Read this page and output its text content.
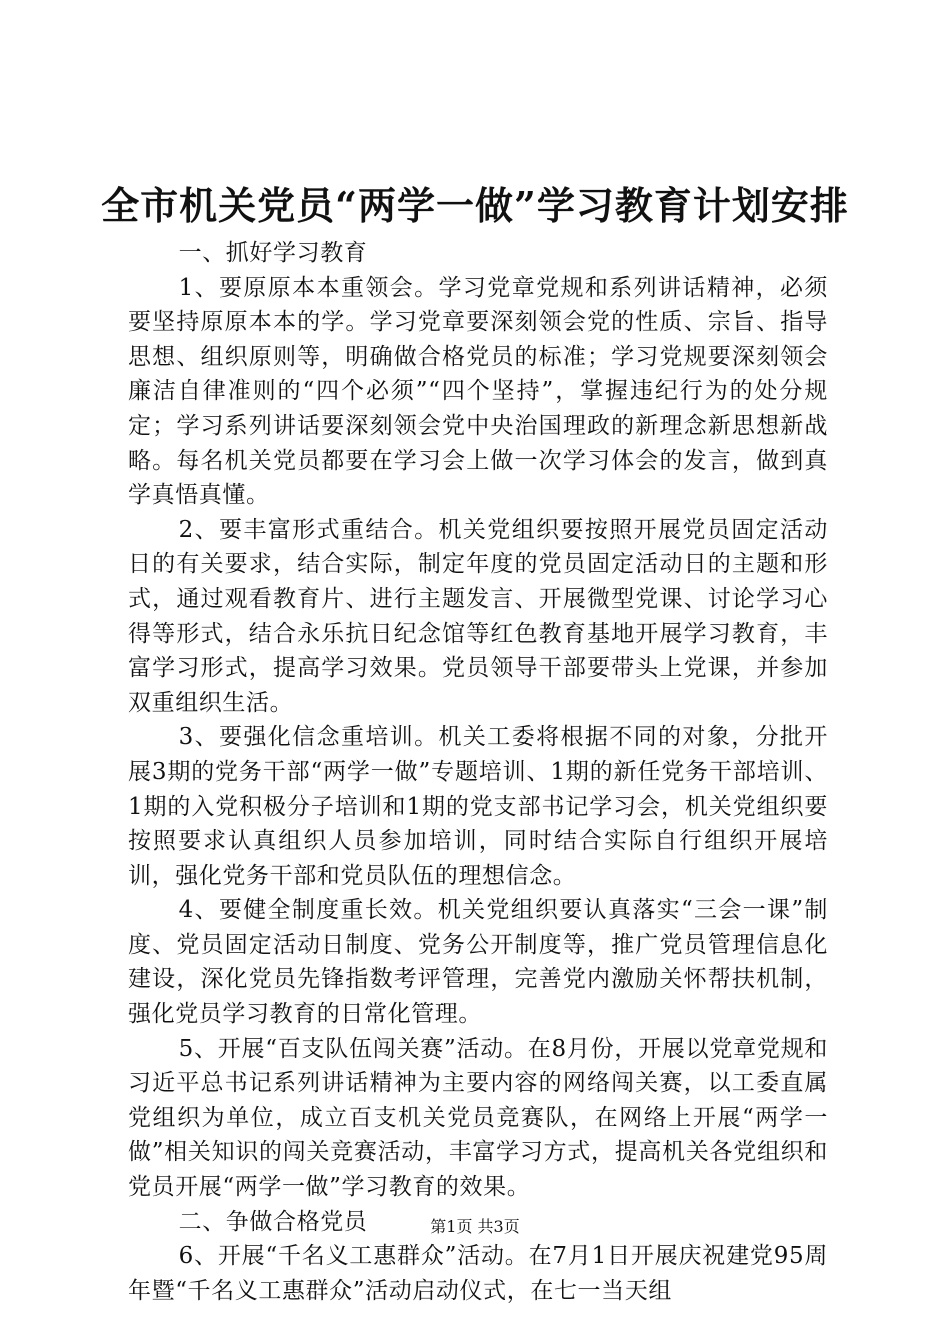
全市机关党员“两学一做”学习教育计划安排

一、抓好学习教育

1、要原原本本重领会。学习党章党规和系列讲话精神，必须要坚持原原本本的学。学习党章要深刻领会党的性质、宗旨、指导思想、组织原则等，明确做合格党员的标准；学习党规要深刻领会廉洁自律准则的“四个必须”“四个坚持”，掌握违纪行为的处分规定；学习系列讲话要深刻领会党中央治国理政的新理念新思想新战略。每名机关党员都要在学习会上做一次学习体会的发言，做到真学真悟真懂。

2、要丰富形式重结合。机关党组织要按照开展党员固定活动日的有关要求，结合实际，制定年度的党员固定活动日的主题和形式，通过观看教育片、进行主题发言、开展微型党课、讨论学习心得等形式，结合永乐抗日纪念馆等红色教育基地开展学习教育，丰富学习形式，提高学习效果。党员领导干部要带头上党课，并参加双重组织生活。

3、要强化信念重培训。机关工委将根据不同的对象，分批开展3期的党务干部“两学一做”专题培训、1期的新任党务干部培训、1期的入党积极分子培训和1期的党支部书记学习会，机关党组织要按照要求认真组织人员参加培训，同时结合实际自行组织开展培训，强化党务干部和党员队伍的理想信念。

4、要健全制度重长效。机关党组织要认真落实“三会一课”制度、党员固定活动日制度、党务公开制度等，推广党员管理信息化建设，深化党员先锋指数考评管理，完善党内激励关怀帮扶机制，强化党员学习教育的日常化管理。

5、开展“百支队伍闯关赛”活动。在8月份，开展以党章党规和习近平总书记系列讲话精神为主要内容的网络闯关赛，以工委直属党组织为单位，成立百支机关党员竞赛队，在网络上开展“两学一做”相关知识的闯关竞赛活动，丰富学习方式，提高机关各党组织和党员开展“两学一做”学习教育的效果。

二、争做合格党员

6、开展“千名义工惠群众”活动。在7月1日开展庆祝建党95周年暨“千名义工惠群众”活动启动仪式，在七一当天组

第1页 共3页
